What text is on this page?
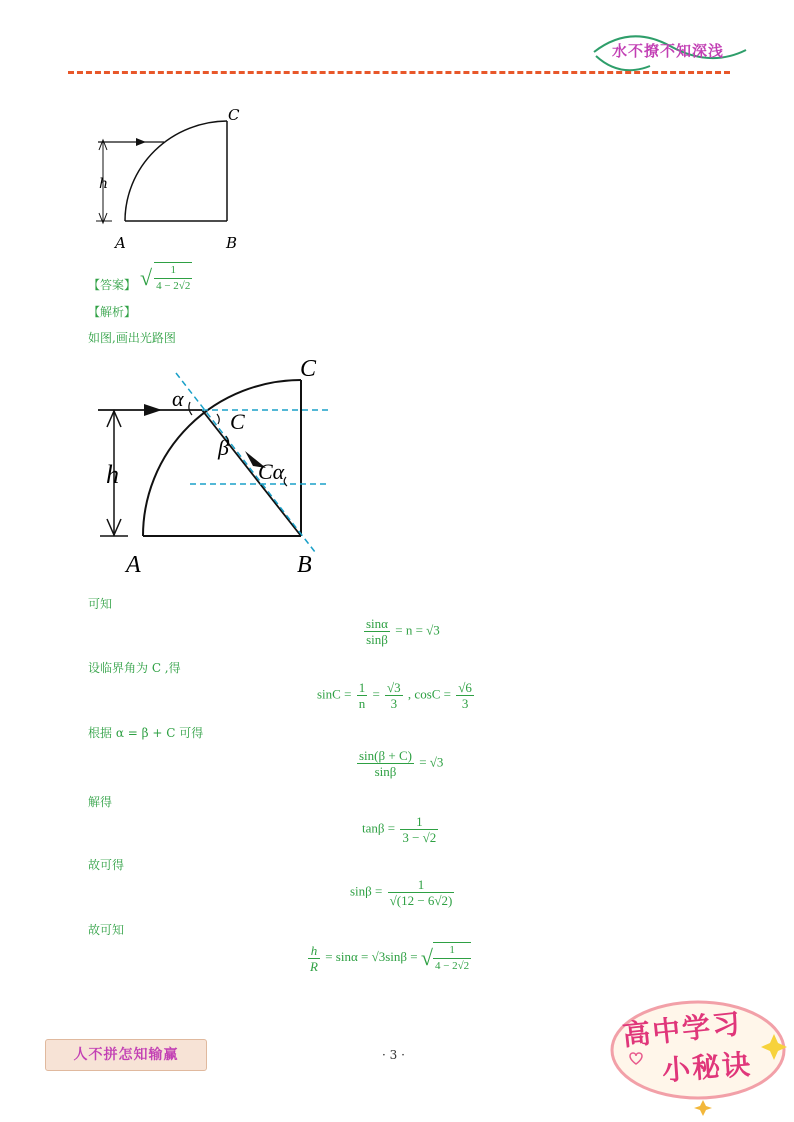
水不撩不知深浅
C
h
A	B
【答案】 √ $\frac{1}{4 - 2√2}$
【解析】
如图,画出光路图
C
α
C
β
Cα
h
A	B
可知
$\frac{\sin\alpha}{\sin\beta} = n = √3$
设临界角为 C ,得
$\sin C = \frac{1}{n} = \frac{√3}{3}$ , $\cos C = \frac{√6}{3}$
根据 α = β + C 可得
$\frac{\sin(\beta + C)}{\sin\beta} = √3$
解得
$\tan\beta = \frac{1}{3 - √2}$
故可得
$\sin\beta = \frac{1}{√(12 - 6√2)}$
故可知
$\frac{h}{R} = \sin\alpha = √3\sin\beta$ = √ $\frac{1}{4 - 2√2}$
人不拼怎知输赢	· 3 ·
高中学习
小秘诀
